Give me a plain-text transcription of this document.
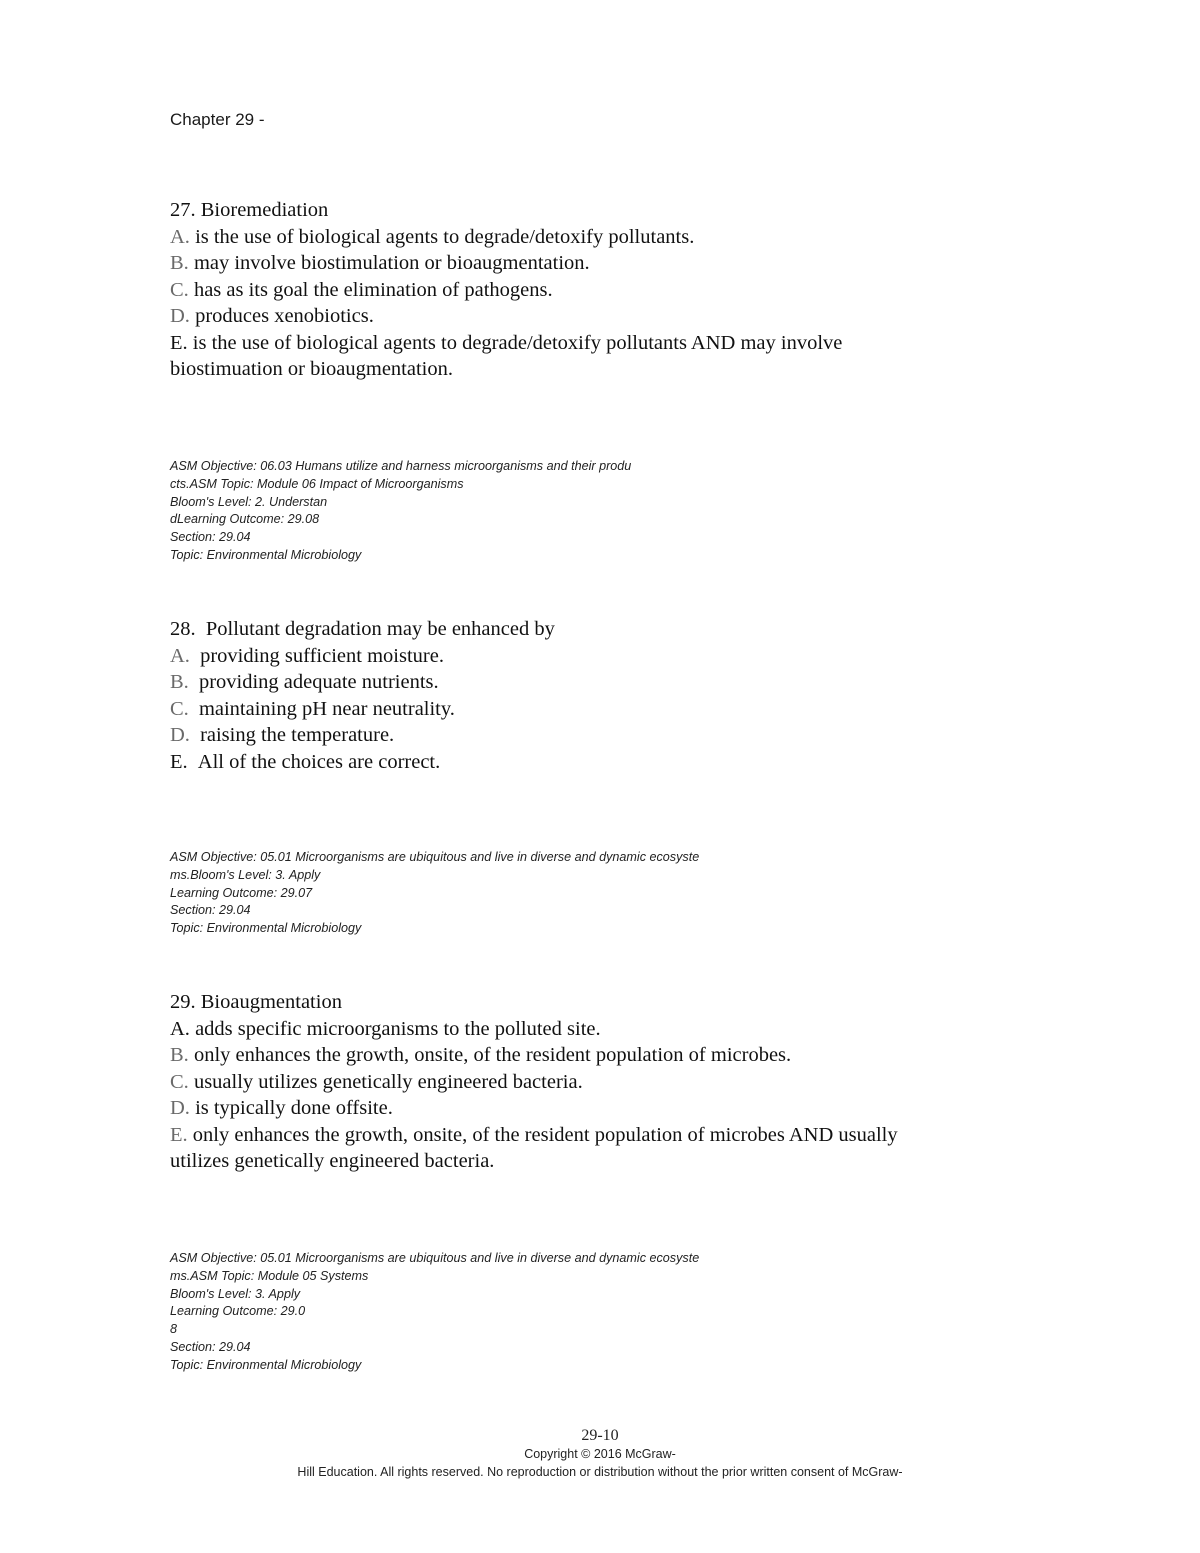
Chapter 29 -
27. Bioremediation
A. is the use of biological agents to degrade/detoxify pollutants.
B. may involve biostimulation or bioaugmentation.
C. has as its goal the elimination of pathogens.
D. produces xenobiotics.
E. is the use of biological agents to degrade/detoxify pollutants AND may involve
biostimuation or bioaugmentation.
ASM Objective: 06.03 Humans utilize and harness microorganisms and their produ
cts.ASM Topic: Module 06 Impact of Microorganisms
Bloom's Level: 2. Understan
dLearning Outcome: 29.08
Section: 29.04
Topic: Environmental Microbiology
28.  Pollutant degradation may be enhanced by
A. providing sufficient moisture.
B. providing adequate nutrients.
C. maintaining pH near neutrality.
D. raising the temperature.
E. All of the choices are correct.
ASM Objective: 05.01 Microorganisms are ubiquitous and live in diverse and dynamic ecosyste
ms.Bloom's Level: 3. Apply
Learning Outcome: 29.07
Section: 29.04
Topic: Environmental Microbiology
29. Bioaugmentation
A. adds specific microorganisms to the polluted site.
B. only enhances the growth, onsite, of the resident population of microbes.
C. usually utilizes genetically engineered bacteria.
D. is typically done offsite.
E. only enhances the growth, onsite, of the resident population of microbes AND usually
utilizes genetically engineered bacteria.
ASM Objective: 05.01 Microorganisms are ubiquitous and live in diverse and dynamic ecosyste
ms.ASM Topic: Module 05 Systems
Bloom's Level: 3. Apply
Learning Outcome: 29.0
8
Section: 29.04
Topic: Environmental Microbiology
29-10
Copyright © 2016 McGraw-
Hill Education. All rights reserved. No reproduction or distribution without the prior written consent of McGraw-
